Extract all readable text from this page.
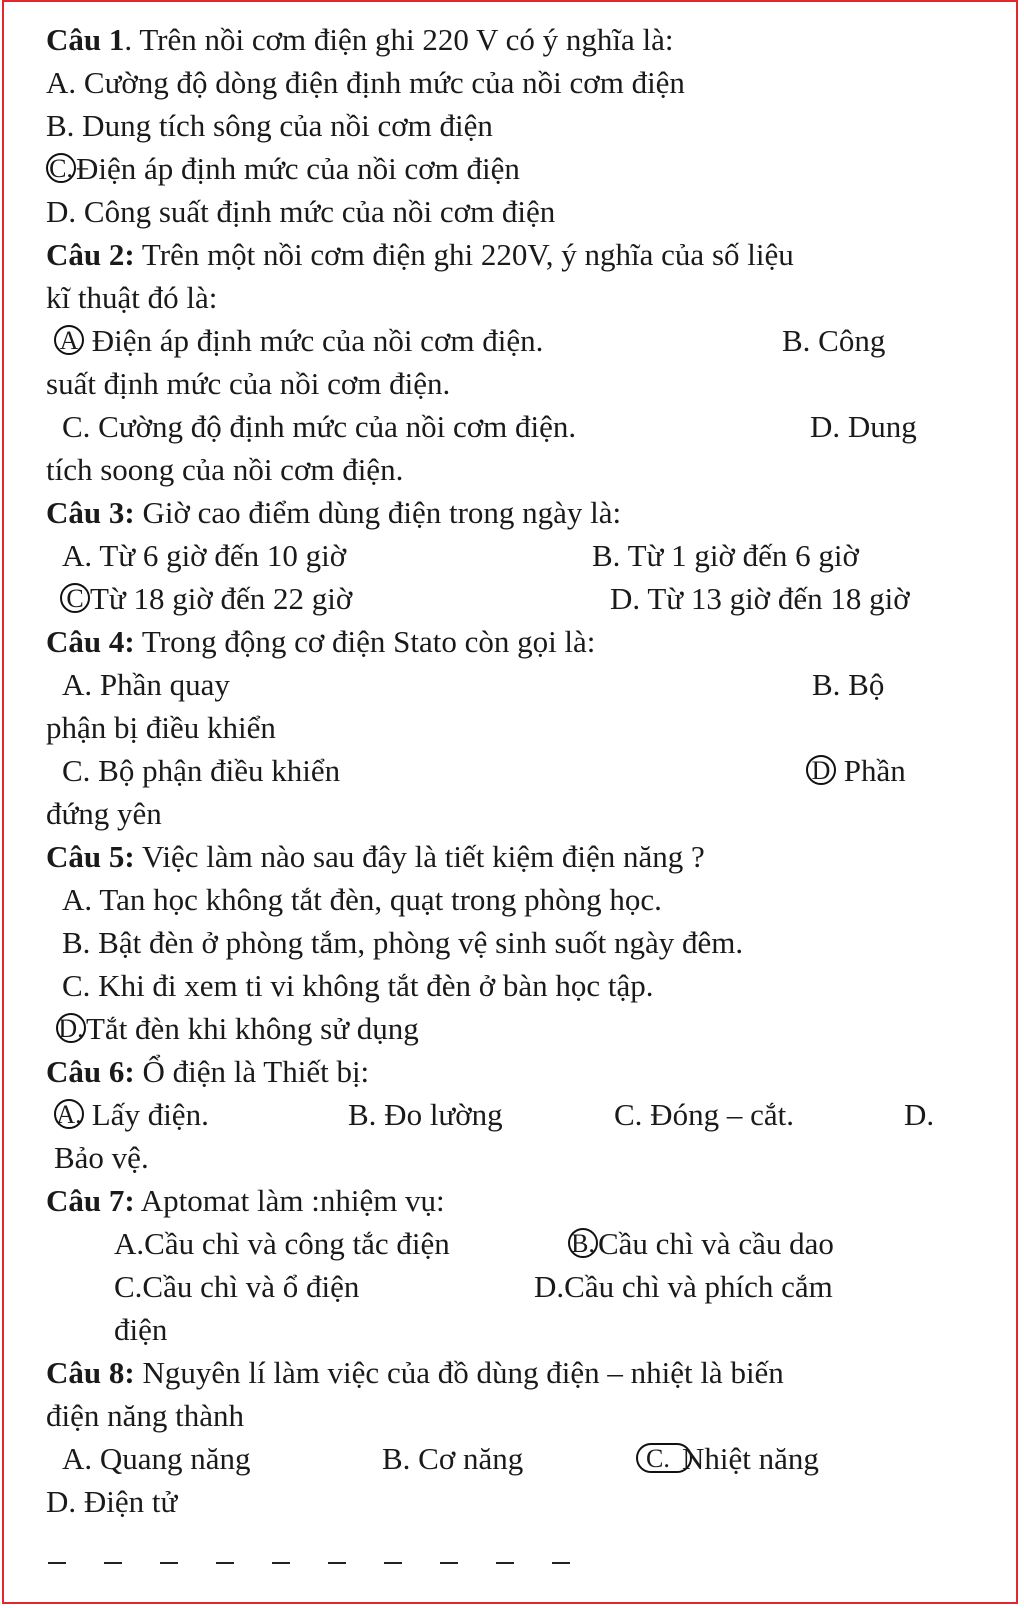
Câu 1. Trên nồi cơm điện ghi 220 V có ý nghĩa là:
A. Cường độ dòng điện định mức của nồi cơm điện
B. Dung tích sông của nồi cơm điện
C.Điện áp định mức của nồi cơm điện
D. Công suất định mức của nồi cơm điện
Câu 2: Trên một nồi cơm điện ghi 220V, ý nghĩa của số liệu
kĩ thuật đó là:
A Điện áp định mức của nồi cơm điện.	B. Công
suất định mức của nồi cơm điện.
C. Cường độ định mức của nồi cơm điện.	D. Dung
tích soong của nồi cơm điện.
Câu 3: Giờ cao điểm dùng điện trong ngày là:
A. Từ 6 giờ đến 10 giờ	B. Từ 1 giờ đến 6 giờ
C Từ 18 giờ đến 22 giờ	D. Từ 13 giờ đến 18 giờ
Câu 4: Trong động cơ điện Stato còn gọi là:
A. Phần quay	B. Bộ
phận bị điều khiển
C. Bộ phận điều khiển	D Phần
đứng yên
Câu 5: Việc làm nào sau đây là tiết kiệm điện năng ?
A. Tan học không tắt đèn, quạt trong phòng học.
B. Bật đèn ở phòng tắm, phòng vệ sinh suốt ngày đêm.
C. Khi đi xem ti vi không tắt đèn ở bàn học tập.
D.Tắt đèn khi không sử dụng
Câu 6: Ổ điện là Thiết bị:
A. Lấy điện.	B. Đo lường	C. Đóng – cắt.	D.
Bảo vệ.
Câu 7: Aptomat làm :nhiệm vụ:
A.Cầu chì và công tắc điện	B.Cầu chì và cầu dao
C.Cầu chì và ổ điện	D.Cầu chì và phích cắm
điện
Câu 8: Nguyên lí làm việc của đồ dùng điện – nhiệt là biến
điện năng thành
A. Quang năng	B. Cơ năng	C. Nhiệt năng
D. Điện tử
